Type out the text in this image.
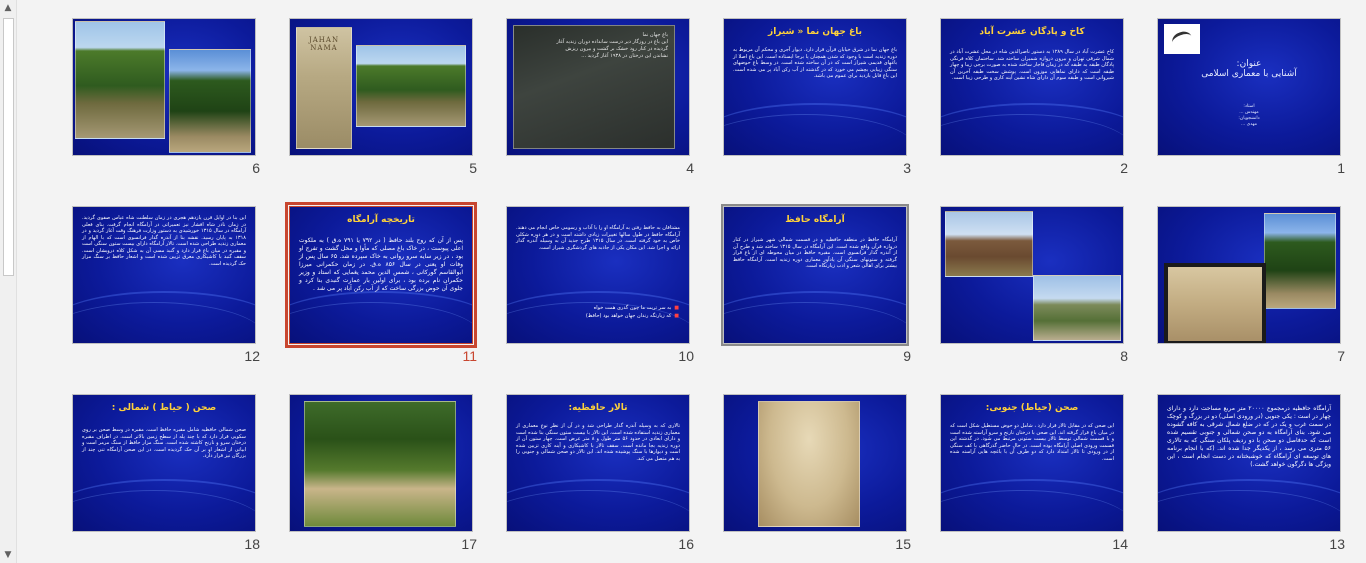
▲
▼
عنوان:
آشنایی با معماری اسلامی
استاد:
مهندس ...
دانشجویان:
مهدی ...
1
کاخ و پادگان عشرت آباد
کاخ عشرت آباد در سال ۱۲۸۹ به دستور ناصرالدین شاه در محل عشرت آباد در شمال شرقی تهران و بیرون دروازه شمیران ساخته شد. ساختمان کلاه فرنگی پادگان طبقه به طبقه که در زمان قاجار ساخته شده به صورت برجی زیبا و چهار طبقه است که دارای نماهایی موزون است. پوشش سخت طبقه آخرین آن شیروانی است و طبقه سوم آن دارای شاه نشین آینه کاری و طرحی زیبا است.
2
باغ جهان نما « شیراز
باغ جهان نما در شرق خیابان قرآن قرار دارد. دیوار آجری و محکم آن مربوط به دوره زندیه است با وجود که شدن همچنان پا برجا ایستاده است. این باغ اصلا از باغهای قدیمی شیراز است که در آن ساخته شده است. در وسط باغ حوضهای سنگی زیبایی بچشم می خورد که در گذشته از آب رکن آباد پر می شده است. این باغ قابل بازدید برای عموم می باشد.
3
باغ جهان نما
این باغ در روزگار دیر درست سانداده دوران زندیه آغاز
گردیده در کنار رود خشک بر گشت و بیرون ریزش
نشاندن این درختان در ۱۹۳۸ آغاز گردید ...
4
JAHAN NAMA
5
6
7
8
آرامگاه حافظ
آرامگاه حافظ در منطقه حافظیه و در قسمت شمالی شهر شیراز در کنار دروازه قرآن واقع شده است. این آرامگاه در سال ۱۳۱۵ ساخته شد و طرح آن از آندره گدار فرانسوی است. مقبره حافظ در میان محوطه ای از باغ قرار گرفته و ستونهای سنگی آن یادآور معماری دوره زندیه است. آرامگاه حافظ بیشتر برای اهالی شعر و ادب زیارتگاه است.
9
مشتاقان به حافظ رفتن به آرامگاه او را با آداب و رسومی خاص انجام می دهند. آرامگاه حافظ در طول سالها تغییرات زیادی داشته است و در هر دوره شکلی خاص به خود گرفته است. در سال ۱۳۱۵ طرح جدید آن به وسیله آندره گدار ارائه و اجرا شد. این مکان یکی از جاذبه های گردشگری شیراز است.
■به سر تربت ما چون گذری همت خواه
■که زیارتگه رندان جهان خواهد بود (حافظ)
10
تاریخچه آرامگاه
پس از آن که روح بلند حافظ ( در ۷۹۲ یا ۷۹۱ ه.ق ) به ملکوت اعلی پیوست ، در خاک باغ مصلی که مأوا و محل گشت و تفرج او بود ، در زیر سایه سرو روانی به خاک سپرده شد. ۶۵ سال پس از وفات او یعنی در سال ۸۵۶ ه.ق. در زمان حکمرانی میرزا ابوالقاسم گورکانی ، شمس الدین محمد یغمایی که استاد و وزیر حکمران نام برده بود ، برای اولین بار عمارت گنبدی بنا کرد و جلوی آن حوض بزرگی ساخت که از آب رکن آباد پر می شد .
11
این بنا در اوایل قرن یازدهم هجری در زمان سلطنت شاه عباس صفوی گردید. در زمان نادر شاه افشار نیز تعمیراتی در آرامگاه انجام گرفت. بنای فعلی آرامگاه در سال ۱۳۱۵ خورشیدی به دستور وزارت فرهنگ وقت آغاز گردید و در ۱۳۱۸ به پایان رسید. نقشه بنا از آندره گدار فرانسوی است که با الهام از معماری زندیه طراحی شده است. تالار آرامگاه دارای بیست ستون سنگی است و مقبره در میان باغ قرار دارد و گنبد مسی آن به شکل کلاه درویشان است. سقف گنبد با کاشیکاری معرق تزیین شده است و اشعار حافظ بر سنگ مزار حک گردیده است.
12
آرامگاه حافظیه درمجموع ۲۰۰۰۰ متر مربع مساحت دارد و دارای چهار در است : یکی جنوبی (در ورودی اصلی) دو در بزرگ و کوچک در سمت غرب و یک در که در ضلع شمال شرقی به کافه گشوده می شود. بنای آرامگاه به دو صحن شمالی و جنوبی تقسیم شده است که حدفاصل دو صحن با دو ردیف پلکان سنگی که به تالاری ۵۶ متری می رسد ، از یکدیگر جدا شده اند. (که با انجام برنامه های توسعه ای آرامگاه که خوشبختانه در دست انجام است ، این ویژگی ها دگرگون خواهد گشت.)
13
صحن (حیاط) جنوبی:
این صحن که در مقابل تالار قرار دارد ، شامل دو حوض مستطیل شکل است که در میان باغ قرار گرفته اند. این صحن با درختان نارنج و سرو آراسته شده است و با قسمت شمالی توسط تالار بیست ستونی مرتبط می شود. در گذشته این قسمت ورودی اصلی آرامگاه بوده است. در حال حاضر گذرگاهی با کف سنگی از در ورودی تا تالار امتداد دارد که دو طرف آن با باغچه هایی آراسته شده است.
14
15
تالار حافظیه:
تالاری که به وسیله آندره گدار طراحی شد و در آن از نظر نوع معماری از معماری زندیه استفاده شده است. این تالار با بیست ستون سنگی بنا شده است و دارای ابعادی در حدود ۵۶ متر طول و ۸ متر عرض است. چهار ستون آن از دوره زندیه بجا مانده است. سقف تالار با کاشیکاری و آینه کاری تزیین شده است و دیوارها با سنگ پوشیده شده اند. این تالار دو صحن شمالی و جنوبی را به هم متصل می کند.
16
17
صحن ( حیاط ) شمالی :
صحن شمالی حافظیه شامل مقبره حافظ است. مقبره در وسط صحن بر روی سکویی قرار دارد که با چند پله از سطح زمین بالاتر است. در اطراف مقبره درختان سرو و نارنج کاشته شده است. سنگ مزار حافظ از سنگ مرمر است و ابیاتی از اشعار او بر آن حک گردیده است. در این صحن آرامگاه تنی چند از بزرگان نیز قرار دارد.
18
